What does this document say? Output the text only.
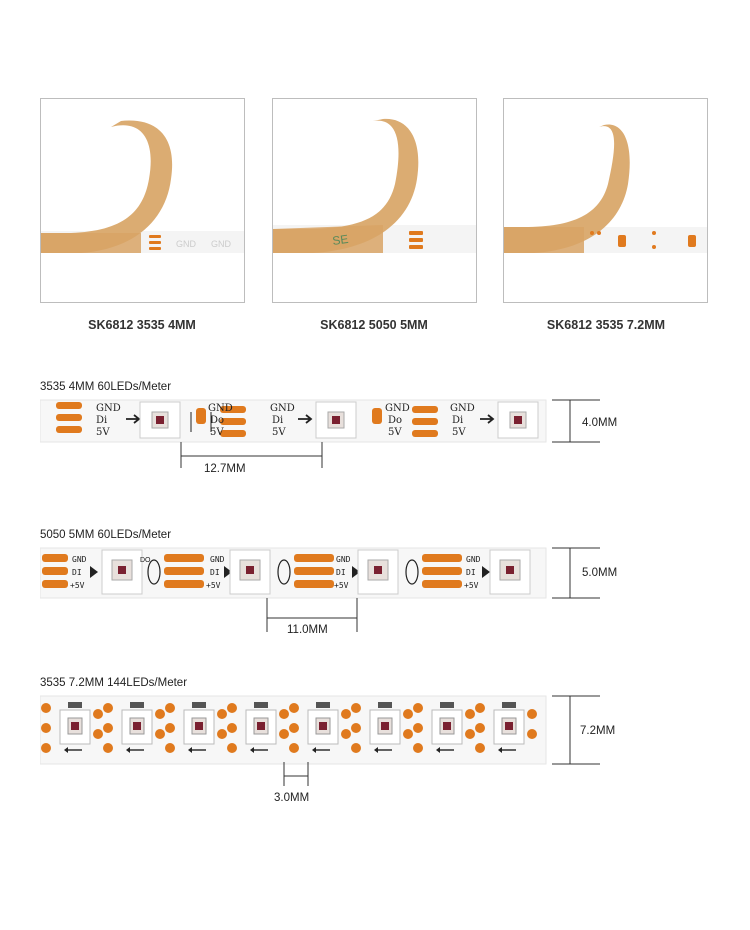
GND GND	SE
SK6812 3535 4MM	SK6812 5050 5MM	SK6812 3535 7.2MM
3535 4MM 60LEDs/Meter
GND
Di
5V
GND
Do
5V
GND
Di
5V
GND
Do
5V
GND
Di
5V
12.7MM
4.0MM
5050 5MM 60LEDs/Meter
GND
DI
+5V
DO	GND
DI
+5V
GND
DI
+5V
GND
DI
+5V
11.0MM
5.0MM
3535 7.2MM 144LEDs/Meter
3.0MM
7.2MM
